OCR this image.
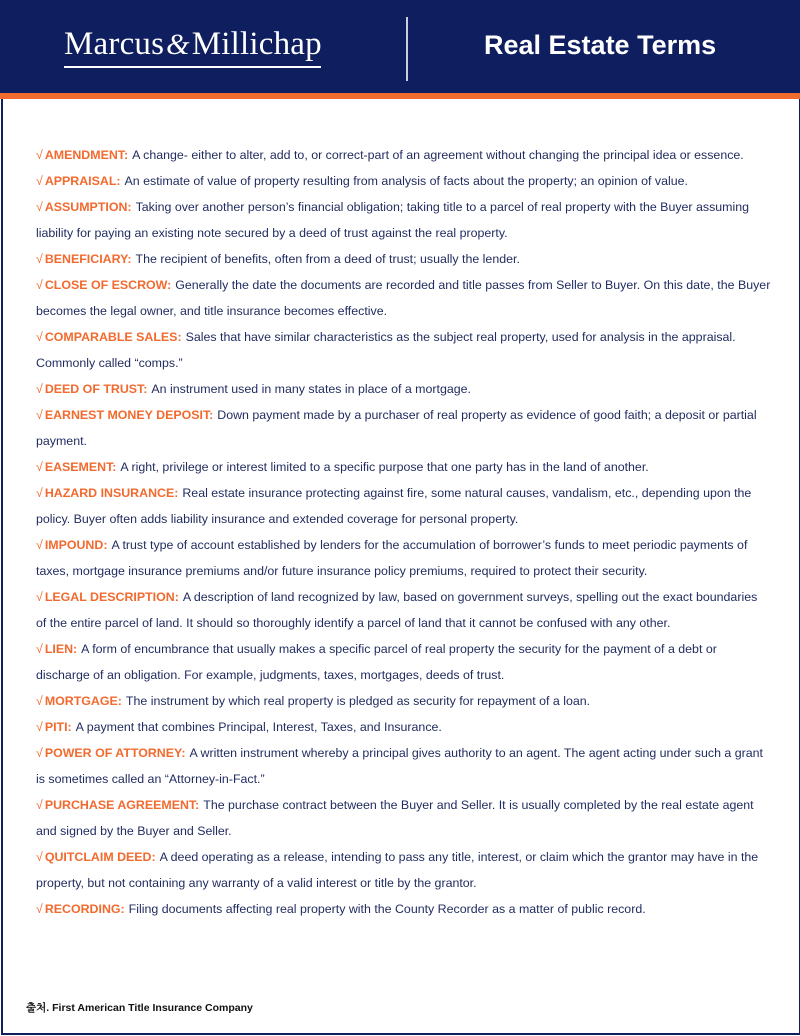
Marcus&Millichap	Real Estate Terms
√ AMENDMENT: A change- either to alter, add to, or correct-part of an agreement without changing the principal idea or essence.
√ APPRAISAL: An estimate of value of property resulting from analysis of facts about the property; an opinion of value.
√ ASSUMPTION: Taking over another person’s financial obligation; taking title to a parcel of real property with the Buyer assuming liability for paying an existing note secured by a deed of trust against the real property.
√ BENEFICIARY: The recipient of benefits, often from a deed of trust; usually the lender.
√ CLOSE OF ESCROW: Generally the date the documents are recorded and title passes from Seller to Buyer. On this date, the Buyer becomes the legal owner, and title insurance becomes effective.
√ COMPARABLE SALES: Sales that have similar characteristics as the subject real property, used for analysis in the appraisal. Commonly called “comps.”
√ DEED OF TRUST: An instrument used in many states in place of a mortgage.
√ EARNEST MONEY DEPOSIT: Down payment made by a purchaser of real property as evidence of good faith; a deposit or partial payment.
√ EASEMENT: A right, privilege or interest limited to a specific purpose that one party has in the land of another.
√ HAZARD INSURANCE: Real estate insurance protecting against fire, some natural causes, vandalism, etc., depending upon the policy. Buyer often adds liability insurance and extended coverage for personal property.
√ IMPOUND: A trust type of account established by lenders for the accumulation of borrower’s funds to meet periodic payments of taxes, mortgage insurance premiums and/or future insurance policy premiums, required to protect their security.
√ LEGAL DESCRIPTION: A description of land recognized by law, based on government surveys, spelling out the exact boundaries of the entire parcel of land. It should so thoroughly identify a parcel of land that it cannot be confused with any other.
√ LIEN: A form of encumbrance that usually makes a specific parcel of real property the security for the payment of a debt or discharge of an obligation. For example, judgments, taxes, mortgages, deeds of trust.
√ MORTGAGE: The instrument by which real property is pledged as security for repayment of a loan.
√ PITI: A payment that combines Principal, Interest, Taxes, and Insurance.
√ POWER OF ATTORNEY: A written instrument whereby a principal gives authority to an agent. The agent acting under such a grant is sometimes called an “Attorney-in-Fact.”
√ PURCHASE AGREEMENT: The purchase contract between the Buyer and Seller. It is usually completed by the real estate agent and signed by the Buyer and Seller.
√ QUITCLAIM DEED: A deed operating as a release, intending to pass any title, interest, or claim which the grantor may have in the property, but not containing any warranty of a valid interest or title by the grantor.
√ RECORDING: Filing documents affecting real property with the County Recorder as a matter of public record.
출처. First American Title Insurance Company
